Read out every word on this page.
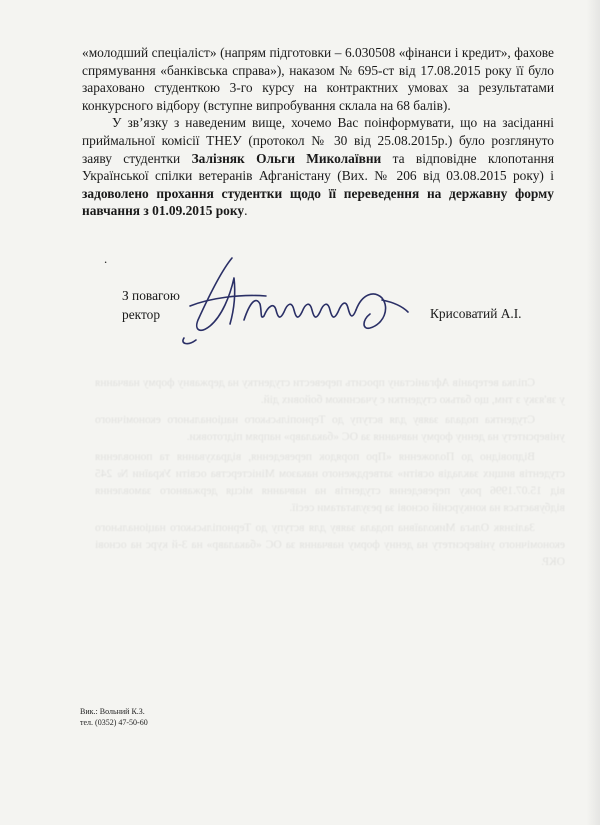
Спілка ветеранів Афганістану просить перевести студентку на державну форму навчання у зв'язку з тим, що батько студентки є учасником бойових дій.

Студентка подала заяву для вступу до Тернопільського національного економічного університету на денну форму навчання за ОС «бакалавр» напрям підготовки.

Відповідно до Положення «Про порядок переведення, відрахування та поновлення студентів вищих закладів освіти» затвердженого наказом Міністерства освіти України № 245 від 15.07.1996 року переведення студентів на навчання місця державного замовлення відбувається на конкурсній основі за результатами сесії.

Залізняк Ольга Миколаївна подала заяву для вступу до Тернопільського національного економічного університету на денну форму навчання за ОС «бакалавр» на 3-й курс на основі ОКР.

«молодший спеціаліст» (напрям підготовки – 6.030508 «фінанси і кредит», фахове спрямування «банківська справа»), наказом № 695-ст від 17.08.2015 року її було зараховано студенткою 3-го курсу на контрактних умовах за результатами конкурсного відбору (вступне випробування склала на 68 балів).

У зв’язку з наведеним вище, хочемо Вас поінформувати, що на засіданні приймальної комісії ТНЕУ (протокол № 30 від 25.08.2015р.) було розглянуто заяву студентки Залізняк Ольги Миколаївни та відповідне клопотання Української спілки ветеранів Афганістану (Вих. № 206 від 03.08.2015 року) і задоволено прохання студентки щодо її переведення на державну форму навчання з 01.09.2015 року.

.
З повагою
ректор	Крисоватий А.І.
Вик.: Вольний К.З.
тел. (0352) 47-50-60
